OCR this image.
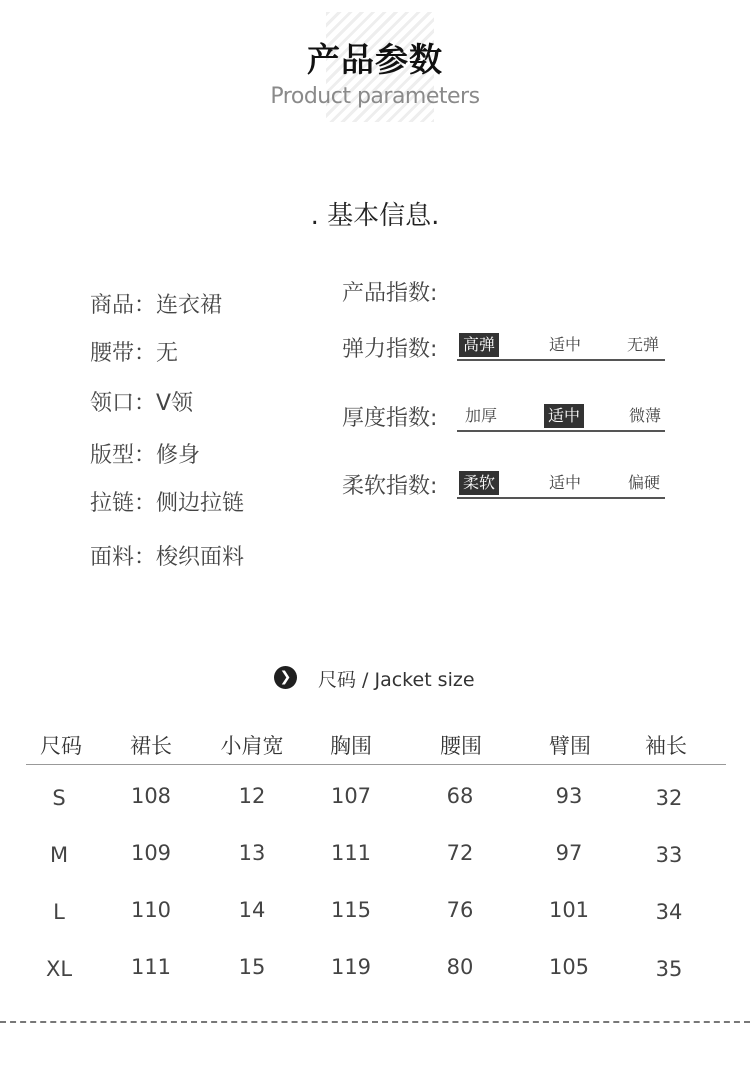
产品参数
Product parameters
. 基本信息.
商品：连衣裙
腰带：无
领口：V领
版型：修身
拉链：侧边拉链
面料：梭织面料
产品指数:
弹力指数: 高弹	适中	无弹
厚度指数: 加厚	适中	微薄
柔软指数: 柔软	适中	偏硬
❯ 尺码 / Jacket size
尺码	裙长	小肩宽	胸围	腰围	臂围	袖长
S	108	12	107	68	93	32
M	109	13	111	72	97	33
L	110	14	115	76	101	34
XL	111	15	119	80	105	35
